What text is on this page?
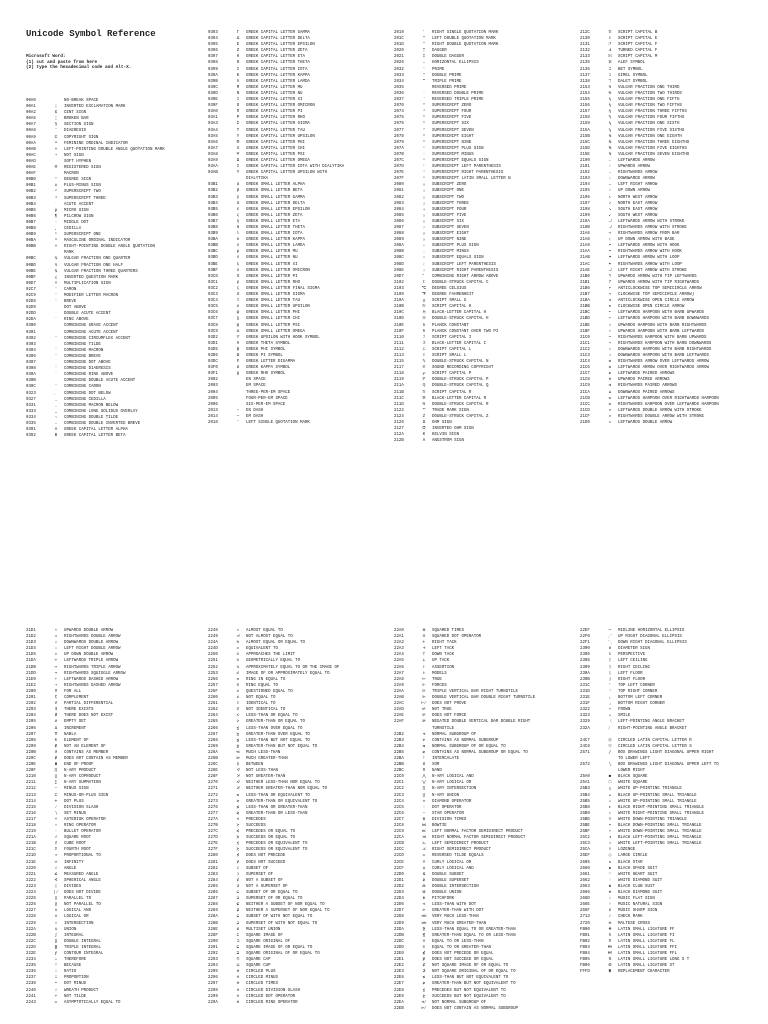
Unicode Symbol Reference
Microsoft Word:
(1) cut and paste from here
(2) type the hexadecimal code and Alt-X.
00A0	NO-BREAK SPACE
00A1	¡	INVERTED EXCLAMATION MARK
00A2	¢	CENT SIGN
00A6	¦	BROKEN BAR
00A7	§	SECTION SIGN
00A8	¨	DIAERESIS
00A9	©	COPYRIGHT SIGN
00AA	ª	FEMININE ORDINAL INDICATOR
00AB	«	LEFT-POINTING DOUBLE ANGLE QUOTATION MARK
00AC	¬	NOT SIGN
00AD	SOFT HYPHEN
00AE	®	REGISTERED SIGN
00AF	¯	MACRON
00B0	°	DEGREE SIGN
00B1	±	PLUS-MINUS SIGN
00B2	²	SUPERSCRIPT TWO
00B3	³	SUPERSCRIPT THREE
00B4	´	ACUTE ACCENT
00B5	µ	MICRO SIGN
00B6	¶	PILCROW SIGN
00B7	·	MIDDLE DOT
00B8	¸	CEDILLA
00B9	¹	SUPERSCRIPT ONE
00BA	º	MASCULINE ORDINAL INDICATOR
00BB	»	RIGHT-POINTING DOUBLE ANGLE QUOTATION
MARK
00BC	¼	VULGAR FRACTION ONE QUARTER
00BD	½	VULGAR FRACTION ONE HALF
00BE	¾	VULGAR FRACTION THREE QUARTERS
00BF	¿	INVERTED QUESTION MARK
00D7	×	MULTIPLICATION SIGN
02C7	ˇ	CARON
02C9	ˉ	MODIFIER LETTER MACRON
02D8	˘	BREVE
02D9	˙	DOT ABOVE
02DD	˝	DOUBLE ACUTE ACCENT
02DA	˚	RING ABOVE
0300	COMBINING GRAVE ACCENT
0301	COMBINING ACUTE ACCENT
0302	COMBINING CIRCUMFLEX ACCENT
0303	COMBINING TILDE
0304	COMBINING MACRON
0306	COMBINING BREVE
0307	COMBINING DOT ABOVE
0308	COMBINING DIAERESIS
030A	COMBINING RING ABOVE
030B	COMBINING DOUBLE ACUTE ACCENT
030C	COMBINING CARON
0323	COMBINING DOT BELOW
0327	COMBINING CEDILLA
0331	COMBINING MACRON BELOW
0333	COMBINING LONG SOLIDUS OVERLAY
0334	COMBINING DOUBLE TILDE
0335	COMBINING DOUBLE INVERTED BREVE
0391	Α	GREEK CAPITAL LETTER ALPHA
0392	Β	GREEK CAPITAL LETTER BETA
0393	Γ	GREEK CAPITAL LETTER GAMMA
0394	Δ	GREEK CAPITAL LETTER DELTA
0395	Ε	GREEK CAPITAL LETTER EPSILON
0396	Ζ	GREEK CAPITAL LETTER ZETA
0397	Η	GREEK CAPITAL LETTER ETA
0398	Θ	GREEK CAPITAL LETTER THETA
0399	Ι	GREEK CAPITAL LETTER IOTA
039A	Κ	GREEK CAPITAL LETTER KAPPA
039B	Λ	GREEK CAPITAL LETTER LAMDA
039C	Μ	GREEK CAPITAL LETTER MU
039D	Ν	GREEK CAPITAL LETTER NU
039E	Ξ	GREEK CAPITAL LETTER XI
039F	Ο	GREEK CAPITAL LETTER OMICRON
03A0	Π	GREEK CAPITAL LETTER PI
03A1	Ρ	GREEK CAPITAL LETTER RHO
03A3	Σ	GREEK CAPITAL LETTER SIGMA
03A4	Τ	GREEK CAPITAL LETTER TAU
03A5	Υ	GREEK CAPITAL LETTER UPSILON
03A6	Φ	GREEK CAPITAL LETTER PHI
03A7	Χ	GREEK CAPITAL LETTER CHI
03A8	Ψ	GREEK CAPITAL LETTER PSI
03A9	Ω	GREEK CAPITAL LETTER OMEGA
03AA	Ϊ	GREEK CAPITAL LETTER IOTA WITH DIALYTIKA
03AB	Ϋ	GREEK CAPITAL LETTER UPSILON WITH
DIALYTIKA
03B1	α	GREEK SMALL LETTER ALPHA
03B2	β	GREEK SMALL LETTER BETA
03B3	γ	GREEK SMALL LETTER GAMMA
03B4	δ	GREEK SMALL LETTER DELTA
03B5	ε	GREEK SMALL LETTER EPSILON
03B6	ζ	GREEK SMALL LETTER ZETA
03B7	η	GREEK SMALL LETTER ETA
03B8	θ	GREEK SMALL LETTER THETA
03B9	ι	GREEK SMALL LETTER IOTA
03BA	κ	GREEK SMALL LETTER KAPPA
03BB	λ	GREEK SMALL LETTER LAMDA
03BC	μ	GREEK SMALL LETTER MU
03BD	ν	GREEK SMALL LETTER NU
03BE	ξ	GREEK SMALL LETTER XI
03BF	ο	GREEK SMALL LETTER OMICRON
03C0	π	GREEK SMALL LETTER PI
03C1	ρ	GREEK SMALL LETTER RHO
03C2	ς	GREEK SMALL LETTER FINAL SIGMA
03C3	σ	GREEK SMALL LETTER SIGMA
03C4	τ	GREEK SMALL LETTER TAU
03C5	υ	GREEK SMALL LETTER UPSILON
03C6	φ	GREEK SMALL LETTER PHI
03C7	χ	GREEK SMALL LETTER CHI
03C8	ψ	GREEK SMALL LETTER PSI
03C9	ω	GREEK SMALL LETTER OMEGA
03D2	ϒ	GREEK UPSILON WITH HOOK SYMBOL
03D1	ϑ	GREEK THETA SYMBOL
03D5	ϕ	GREEK PHI SYMBOL
03D6	ϖ	GREEK PI SYMBOL
03DC	Ϝ	GREEK LETTER DIGAMMA
03F0	ϰ	GREEK KAPPA SYMBOL
03F1	ϱ	GREEK RHO SYMBOL
2002	EN SPACE
2003	EM SPACE
2004	THREE-PER-EM SPACE
2005	FOUR-PER-EM SPACE
2006	SIX-PER-EM SPACE
2013	–	EN DASH
2014	—	EM DASH
2018	‘	LEFT SINGLE QUOTATION MARK
2019	’	RIGHT SINGLE QUOTATION MARK
201C	“	LEFT DOUBLE QUOTATION MARK
201D	”	RIGHT DOUBLE QUOTATION MARK
2020	†	DAGGER
2021	‡	DOUBLE DAGGER
2026	…	HORIZONTAL ELLIPSIS
2032	′	PRIME
2033	″	DOUBLE PRIME
2034	‴	TRIPLE PRIME
2035	‵	REVERSED PRIME
2036	‶	REVERSED DOUBLE PRIME
2037	‷	REVERSED TRIPLE PRIME
2070	⁰	SUPERSCRIPT ZERO
2074	⁴	SUPERSCRIPT FOUR
2075	⁵	SUPERSCRIPT FIVE
2076	⁶	SUPERSCRIPT SIX
2077	⁷	SUPERSCRIPT SEVEN
2078	⁸	SUPERSCRIPT EIGHT
2079	⁹	SUPERSCRIPT NINE
207A	⁺	SUPERSCRIPT PLUS SIGN
207B	⁻	SUPERSCRIPT MINUS
207C	⁼	SUPERSCRIPT EQUALS SIGN
207D	⁽	SUPERSCRIPT LEFT PARENTHESIS
207E	⁾	SUPERSCRIPT RIGHT PARENTHESIS
207F	ⁿ	SUPERSCRIPT LATIN SMALL LETTER N
2080	₀	SUBSCRIPT ZERO
2081	₁	SUBSCRIPT ONE
2082	₂	SUBSCRIPT TWO
2083	₃	SUBSCRIPT THREE
2084	₄	SUBSCRIPT FOUR
2085	₅	SUBSCRIPT FIVE
2086	₆	SUBSCRIPT SIX
2087	₇	SUBSCRIPT SEVEN
2088	₈	SUBSCRIPT EIGHT
2089	₉	SUBSCRIPT NINE
208A	₊	SUBSCRIPT PLUS SIGN
208B	₋	SUBSCRIPT MINUS
208C	₌	SUBSCRIPT EQUALS SIGN
208D	₍	SUBSCRIPT LEFT PARENTHESIS
208E	₎	SUBSCRIPT RIGHT PARENTHESIS
20D7	COMBINING RIGHT ARROW ABOVE
2102	ℂ	DOUBLE-STRUCK CAPITAL C
2103	℃	DEGREE CELSIUS
2109	℉	DEGREE FAHRENHEIT
210A	ℊ	SCRIPT SMALL G
210B	ℋ	SCRIPT CAPITAL H
210C	ℌ	BLACK-LETTER CAPITAL H
210D	ℍ	DOUBLE-STRUCK CAPITAL H
210E	ℎ	PLANCK CONSTANT
210F	ℏ	PLANCK CONSTANT OVER TWO PI
2110	ℐ	SCRIPT CAPITAL I
2111	ℑ	BLACK-LETTER CAPITAL I
2112	ℒ	SCRIPT CAPITAL L
2113	ℓ	SCRIPT SMALL L
2115	ℕ	DOUBLE-STRUCK CAPITAL N
2117	℗	SOUND RECORDING COPYRIGHT
2118	℘	SCRIPT CAPITAL P
2119	ℙ	DOUBLE-STRUCK CAPITAL P
211A	ℚ	DOUBLE-STRUCK CAPITAL Q
211B	ℛ	SCRIPT CAPITAL R
211C	ℜ	BLACK-LETTER CAPITAL R
211D	ℝ	DOUBLE-STRUCK CAPITAL R
2122	™	TRADE MARK SIGN
2124	ℤ	DOUBLE-STRUCK CAPITAL Z
2126	Ω	OHM SIGN
2127	℧	INVERTED OHM SIGN
212A	K	KELVIN SIGN
212B	Å	ANGSTROM SIGN
212C	ℬ	SCRIPT CAPITAL B
2130	ℰ	SCRIPT CAPITAL E
2131	ℱ	SCRIPT CAPITAL F
2132	Ⅎ	TURNED CAPITAL F
2133	ℳ	SCRIPT CAPITAL M
2135	ℵ	ALEF SYMBOL
2136	ℶ	BET SYMBOL
2137	ℷ	GIMEL SYMBOL
2138	ℸ	DALET SYMBOL
2153	⅓	VULGAR FRACTION ONE THIRD
2154	⅔	VULGAR FRACTION TWO THIRDS
2155	⅕	VULGAR FRACTION ONE FIFTH
2156	⅖	VULGAR FRACTION TWO FIFTHS
2157	⅗	VULGAR FRACTION THREE FIFTHS
2158	⅘	VULGAR FRACTION FOUR FIFTHS
2159	⅙	VULGAR FRACTION ONE SIXTH
215A	⅚	VULGAR FRACTION FIVE SIXTHS
215B	⅛	VULGAR FRACTION ONE EIGHTH
215C	⅜	VULGAR FRACTION THREE EIGHTHS
215D	⅝	VULGAR FRACTION FIVE EIGHTHS
215E	⅞	VULGAR FRACTION SEVEN EIGHTHS
2190	←	LEFTWARDS ARROW
2191	↑	UPWARDS ARROW
2192	→	RIGHTWARDS ARROW
2193	↓	DOWNWARDS ARROW
2194	↔	LEFT RIGHT ARROW
2195	↕	UP DOWN ARROW
2196	↖	NORTH WEST ARROW
2197	↗	NORTH EAST ARROW
2198	↘	SOUTH EAST ARROW
2199	↙	SOUTH WEST ARROW
219A	↚	LEFTWARDS ARROW WITH STROKE
219B	↛	RIGHTWARDS ARROW WITH STROKE
21A6	↦	RIGHTWARDS ARROW FROM BAR
21A8	↨	UP DOWN ARROW WITH BASE
21A9	↩	LEFTWARDS ARROW WITH HOOK
21AA	↪	RIGHTWARDS ARROW WITH HOOK
21AB	↫	LEFTWARDS ARROW WITH LOOP
21AC	↬	RIGHTWARDS ARROW WITH LOOP
21AE	↮	LEFT RIGHT ARROW WITH STROKE
21B0	↰	UPWARDS ARROW WITH TIP LEFTWARDS
21B1	↱	UPWARDS ARROW WITH TIP RIGHTWARDS
21B6	↶	ANTICLOCKWISE TOP SEMICIRCLE ARROW
21B7	↷	CLOCKWISE TOP SEMICIRCLE ARROW)
21BA	↺	ANTICLOCKWISE OPEN CIRCLE ARROW
21BB	↻	CLOCKWISE OPEN CIRCLE ARROW
21BC	↼	LEFTWARDS HARPOON WITH BARB UPWARDS
21BD	↽	LEFTWARDS HARPOON WITH BARB DOWNWARDS
21BE	↾	UPWARDS HARPOON WITH BARB RIGHTWARDS
21BF	↿	UPWARDS HARPOON WITH BARB LEFTWARDS
21C0	⇀	RIGHTWARDS HARPOON WITH BARB UPWARDS
21C1	⇁	RIGHTWARDS HARPOON WITH BARB DOWNWARDS
21C2	⇂	DOWNWARDS HARPOON WITH BARB RIGHTWARDS
21C3	⇃	DOWNWARDS HARPOON WITH BARB LEFTWARDS
21C4	⇄	RIGHTWARDS ARROW OVER LEFTWARDS ARROW
21C6	⇆	LEFTWARDS ARROW OVER RIGHTWARDS ARROW
21C7	⇇	LEFTWARDS PAIRED ARROWS
21C8	⇈	UPWARDS PAIRED ARROWS
21C9	⇉	RIGHTWARDS PAIRED ARROWS
21CA	⇊	DOWNWARDS PAIRED ARROWS
21CB	⇋	LEFTWARDS HARPOON OVER RIGHTWARDS HARPOON
21CC	⇌	RIGHTWARDS HARPOON OVER LEFTWARDS HARPOON
21CD	⇍	LEFTWARDS DOUBLE ARROW WITH STROKE
21CF	⇏	RIGHTWARDS DOUBLE ARROW WITH STROKE
21D0	⇐	LEFTWARDS DOUBLE ARROW
21D1	⇑	UPWARDS DOUBLE ARROW
21D2	⇒	RIGHTWARDS DOUBLE ARROW
21D3	⇓	DOWNWARDS DOUBLE ARROW
21D4	⇔	LEFT RIGHT DOUBLE ARROW
21D5	⇕	UP DOWN DOUBLE ARROW
21DA	⇚	LEFTWARDS TRIPLE ARROW
21DB	⇛	RIGHTWARDS TRIPLE ARROW
21DD	⇝	RIGHTWARDS SQUIGGLE ARROW
21E0	⇠	LEFTWARDS DASHED ARROW
21E2	⇢	RIGHTWARDS DASHED ARROW
2200	∀	FOR ALL
2201	∁	COMPLEMENT
2202	∂	PARTIAL DIFFERENTIAL
2203	∃	THERE EXISTS
2204	∄	THERE DOES NOT EXIST
2205	∅	EMPTY SET
2206	∆	INCREMENT
2207	∇	NABLA
2208	∈	ELEMENT OF
2209	∉	NOT AN ELEMENT OF
220B	∋	CONTAINS AS MEMBER
220C	∌	DOES NOT CONTAIN AS MEMBER
220E	∎	END OF PROOF
220F	∏	N-ARY PRODUCT
2210	∐	N-ARY COPRODUCT
2211	∑	N-ARY SUMMATION
2212	−	MINUS SIGN
2213	∓	MINUS-OR-PLUS SIGN
2214	∔	DOT PLUS
2215	∕	DIVISION SLASH
2216	∖	SET MINUS
2217	∗	ASTERISK OPERATOR
2218	∘	RING OPERATOR
2219	∙	BULLET OPERATOR
221A	√	SQUARE ROOT
221B	∛	CUBE ROOT
221C	∜	FOURTH ROOT
221D	∝	PROPORTIONAL TO
221E	∞	INFINITY
2220	∠	ANGLE
2221	∡	MEASURED ANGLE
2222	∢	SPHERICAL ANGLE
2223	∣	DIVIDES
2224	∤	DOES NOT DIVIDE
2225	∥	PARALLEL TO
2226	∦	NOT PARALLEL TO
2227	∧	LOGICAL AND
2228	∨	LOGICAL OR
2229	∩	INTERSECTION
222A	∪	UNION
222B	∫	INTEGRAL
222C	∬	DOUBLE INTEGRAL
222D	∭	TRIPLE INTEGRAL
222E	∮	CONTOUR INTEGRAL
2234	∴	THEREFORE
2235	∵	BECAUSE
2236	∶	RATIO
2237	∷	PROPORTION
2238	∸	DOT MINUS
2240	≀	WREATH PRODUCT
2241	≁	NOT TILDE
2243	≃	ASYMPTOTICALLY EQUAL TO
2248	≈	ALMOST EQUAL TO
2249	≉	NOT ALMOST EQUAL TO
224A	≊	ALMOST EQUAL OR EQUAL TO
224D	≍	EQUIVALENT TO
2250	≐	APPROACHES THE LIMIT
2251	≑	GEOMETRICALLY EQUAL TO
2252	≒	APPROXIMATELY EQUAL TO OR THE IMAGE OF
2253	≓	IMAGE OF OR APPROXIMATELY EQUAL TO
2256	≖	RING IN EQUAL TO
2257	≗	RING EQUAL TO
225F	≟	QUESTIONED EQUAL TO
2260	≠	NOT EQUAL TO
2261	≡	IDENTICAL TO
2262	≢	NOT IDENTICAL TO
2264	≤	LESS-THAN OR EQUAL TO
2265	≥	GREATER-THAN OR EQUAL TO
2266	≦	LESS-THAN OVER EQUAL TO
2267	≧	GREATER-THAN OVER EQUAL TO
2268	≨	LESS-THAN BUT NOT EQUAL TO
2269	≩	GREATER-THAN BUT NOT EQUAL TO
226A	≪	MUCH LESS-THAN
226B	≫	MUCH GREATER-THAN
226C	≬	BETWEEN
226E	≮	NOT LESS-THAN
226F	≯	NOT GREATER-THAN
2270	≰	NEITHER LESS-THAN NOR EQUAL TO
2271	≱	NEITHER GREATER-THAN NOR EQUAL TO
2272	≲	LESS-THAN OR EQUIVALENT TO
2273	≳	GREATER-THAN OR EQUIVALENT TO
2276	≶	LESS-THAN OR GREATER-THAN
2277	≷	GREATER-THAN OR LESS-THAN
227A	≺	PRECEDES
227B	≻	SUCCEEDS
227C	≼	PRECEDES OR EQUAL TO
227D	≽	SUCCEEDS OR EQUAL TO
227E	≾	PRECEDES OR EQUIVALENT TO
227F	≿	SUCCEEDS OR EQUIVALENT TO
2280	⊀	DOES NOT PRECEDE
2281	⊁	DOES NOT SUCCEED
2282	⊂	SUBSET OF
2283	⊃	SUPERSET OF
2284	⊄	NOT A SUBSET OF
2285	⊅	NOT A SUPERSET OF
2286	⊆	SUBSET OF OR EQUAL TO
2287	⊇	SUPERSET OF OR EQUAL TO
2288	⊈	NEITHER A SUBSET OF NOR EQUAL TO
2289	⊉	NEITHER A SUPERSET OF NOR EQUAL TO
228A	⊊	SUBSET OF WITH NOT EQUAL TO
228B	⊋	SUPERSET OF WITH NOT EQUAL TO
228E	⊎	MULTISET UNION
228F	⊏	SQUARE IMAGE OF
2290	⊐	SQUARE ORIGINAL OF
2291	⊑	SQUARE IMAGE OF OR EQUAL TO
2292	⊒	SQUARE ORIGINAL OF OR EQUAL TO
2293	⊓	SQUARE CAP
2294	⊔	SQUARE CUP
2295	⊕	CIRCLED PLUS
2296	⊖	CIRCLED MINUS
2297	⊗	CIRCLED TIMES
2298	⊘	CIRCLED DIVISION SLASH
2299	⊙	CIRCLED DOT OPERATOR
229A	⊚	CIRCLED RING OPERATOR
22A0	⊠	SQUARED TIMES
22A1	⊡	SQUARED DOT OPERATOR
22A2	⊢	RIGHT TACK
22A3	⊣	LEFT TACK
22A4	⊤	DOWN TACK
22A5	⊥	UP TACK
22A6	⊦	ASSERTION
22A7	⊧	MODELS
22A8	⊨	TRUE
22A9	⊩	FORCES
22AA	⊪	TRIPLE VERTICAL BAR RIGHT TURNSTILE
22AB	⊫	DOUBLE VERTICAL BAR DOUBLE RIGHT TURNSTILE
22AC	⊬	DOES NOT PROVE
22AD	⊭	NOT TRUE
22AE	⊮	DOES NOT FORCE
22AF	⊯	NEGATED DOUBLE VERTICAL BAR DOUBLE RIGHT
TURNSTILE
22B2	⊲	NORMAL SUBGROUP OF
22B3	⊳	CONTAINS AS NORMAL SUBGROUP
22B4	⊴	NORMAL SUBGROUP OF OR EQUAL TO
22B5	⊵	CONTAINS AS NORMAL SUBGROUP OR EQUAL TO
22BA	⊺	INTERCALATE
22BB	⊻	XOR
22BC	⊼	NAND
22C0	⋀	N-ARY LOGICAL AND
22C1	⋁	N-ARY LOGICAL OR
22C2	⋂	N-ARY INTERSECTION
22C3	⋃	N-ARY UNION
22C4	⋄	DIAMOND OPERATOR
22C5	⋅	DOT OPERATOR
22C6	⋆	STAR OPERATOR
22C7	⋇	DIVISION TIMES
22C8	⋈	BOWTIE
22C9	⋉	LEFT NORMAL FACTOR SEMIDIRECT PRODUCT
22CA	⋊	RIGHT NORMAL FACTOR SEMIDIRECT PRODUCT
22CB	⋋	LEFT SEMIDIRECT PRODUCT
22CC	⋌	RIGHT SEMIDIRECT PRODUCT
22CD	⋍	REVERSED TILDE EQUALS
22CE	⋎	CURLY LOGICAL OR
22CF	⋏	CURLY LOGICAL AND
22D0	⋐	DOUBLE SUBSET
22D1	⋑	DOUBLE SUPERSET
22D2	⋒	DOUBLE INTERSECTION
22D3	⋓	DOUBLE UNION
22D4	⋔	PITCHFORK
22D6	⋖	LESS-THAN WITH DOT
22D7	⋗	GREATER-THAN WITH DOT
22D8	⋘	VERY MUCH LESS-THAN
22D9	⋙	VERY MUCH GREATER-THAN
22DA	⋚	LESS-THAN EQUAL TO OR GREATER-THAN
22DB	⋛	GREATER-THAN EQUAL TO OR LESS-THAN
22DC	⋜	EQUAL TO OR LESS-THAN
22DD	⋝	EQUAL TO OR GREATER-THAN
22E0	⋠	DOES NOT PRECEDE OR EQUAL
22E1	⋡	DOES NOT SUCCEED OR EQUAL
22E2	⋢	NOT SQUARE IMAGE OF OR EQUAL TO
22E3	⋣	NOT SQUARE ORIGINAL OF OR EQUAL TO
22E6	⋦	LESS-THAN BUT NOT EQUIVALENT TO
22E7	⋧	GREATER-THAN BUT NOT EQUIVALENT TO
22E8	⋨	PRECEDES BUT NOT EQUIVALENT TO
22E9	⋩	SUCCEEDS BUT NOT EQUIVALENT TO
22EA	⋪	NOT NORMAL SUBGROUP OF
22EB	⋫	DOES NOT CONTAIN AS NORMAL SUBGROUP
22EF	⋯	MIDLINE HORIZONTAL ELLIPSIS
22F0	⋰	UP RIGHT DIAGONAL ELLIPSIS
22F1	⋱	DOWN RIGHT DIAGONAL ELLIPSIS
2300	⌀	DIAMETER SIGN
2306	⌆	PERSPECTIVE
2308	⌈	LEFT CEILING
2309	⌉	RIGHT CEILING
230A	⌊	LEFT FLOOR
230B	⌋	RIGHT FLOOR
231C	⌜	TOP LEFT CORNER
231D	⌝	TOP RIGHT CORNER
231E	⌞	BOTTOM LEFT CORNER
231F	⌟	BOTTOM RIGHT CORNER
2322	⌢	FROWN
2323	⌣	SMILE
2329	〈	LEFT-POINTING ANGLE BRACKET
232A	〉	RIGHT-POINTING ANGLE BRACKET
24C7	Ⓡ	CIRCLED LATIN CAPITAL LETTER R
24C8	Ⓢ	CIRCLED LATIN CAPITAL LETTER S
2571	╱	BOX DRAWINGS LIGHT DIAGONAL UPPER RIGHT
TO LOWER LEFT
2572	╲	BOX DRAWINGS LIGHT DIAGONAL UPPER LEFT TO
LOWER RIGHT
25A0	■	BLACK SQUARE
25A1	□	WHITE SQUARE
25B3	△	WHITE UP-POINTING TRIANGLE
25B4	▴	BLACK UP-POINTING SMALL TRIANGLE
25B5	▵	WHITE UP-POINTING SMALL TRIANGLE
25B8	▸	BLACK RIGHT-POINTING SMALL TRIANGLE
25B9	▹	WHITE RIGHT-POINTING SMALL TRIANGLE
25BD	▽	WHITE DOWN-POINTING TRIANGLE
25BE	▾	BLACK DOWN-POINTING SMALL TRIANGLE
25BF	▿	WHITE DOWN-POINTING SMALL TRIANGLE
25C2	◂	BLACK LEFT-POINTING SMALL TRIANGLE
25C3	◃	WHITE LEFT-POINTING SMALL TRIANGLE
25CA	◊	LOZENGE
25EF	◯	LARGE CIRCLE
2605	★	BLACK STAR
2660	♠	BLACK SPADE SUIT
2661	♡	WHITE HEART SUIT
2662	♢	WHITE DIAMOND SUIT
2663	♣	BLACK CLUB SUIT
2666	♦	BLACK DIAMOND SUIT
266D	♭	MUSIC FLAT SIGN
266E	♮	MUSIC NATURAL SIGN
266F	♯	MUSIC SHARP SIGN
2713	✓	CHECK MARK
2720	✠	MALTESE CROSS
FB00	ﬀ	LATIN SMALL LIGATURE FF
FB01	ﬁ	LATIN SMALL LIGATURE FI
FB02	ﬂ	LATIN SMALL LIGATURE FL
FB03	ﬃ	LATIN SMALL LIGATURE FFI
FB04	ﬄ	LATIN SMALL LIGATURE FFL
FB05	ﬅ	LATIN SMALL LIGATURE LONG S T
FB06	ﬆ	LATIN SMALL LIGATURE ST
FFFD	�	REPLACEMENT CHARACTER
